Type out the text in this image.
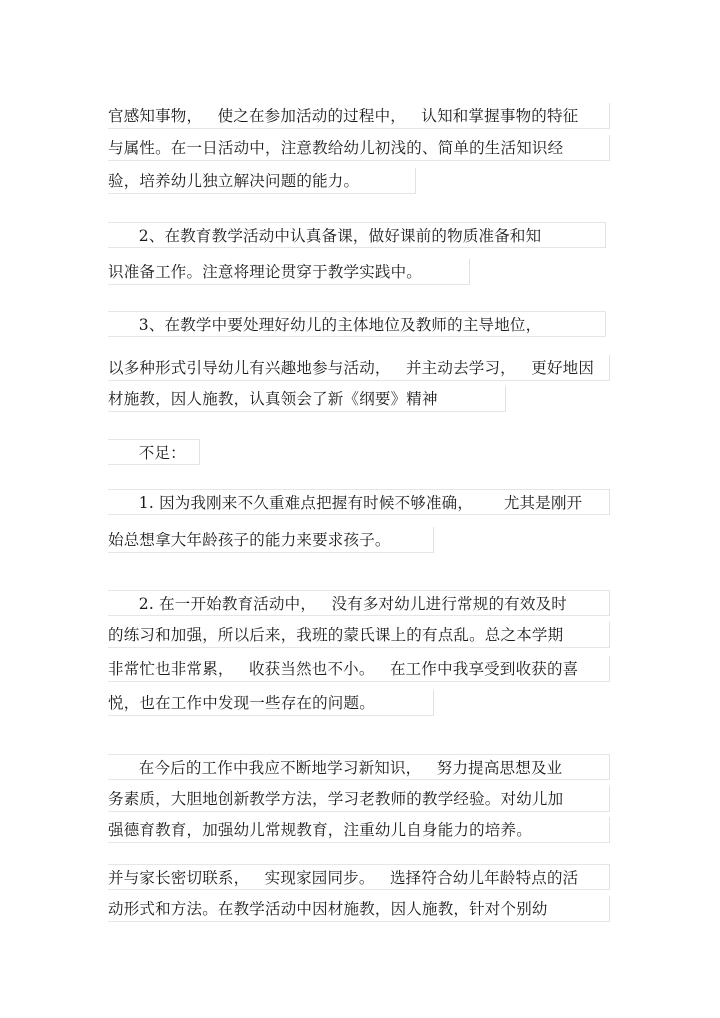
官感知事物，   使之在参加活动的过程中，   认知和掌握事物的特征
与属性。在一日活动中，注意教给幼儿初浅的、简单的生活知识经
验，培养幼儿独立解决问题的能力。
2、在教育教学活动中认真备课，做好课前的物质准备和知
识准备工作。注意将理论贯穿于教学实践中。
3、在教学中要处理好幼儿的主体地位及教师的主导地位，
以多种形式引导幼儿有兴趣地参与活动，   并主动去学习，   更好地因
材施教，因人施教，认真领会了新《纲要》精神
不足：
1. 因为我刚来不久重难点把握有时候不够准确，      尤其是刚开
始总想拿大年龄孩子的能力来要求孩子。
2. 在一开始教育活动中，   没有多对幼儿进行常规的有效及时
的练习和加强，所以后来，我班的蒙氏课上的有点乱。总之本学期
非常忙也非常累，   收获当然也不小。   在工作中我享受到收获的喜
悦，也在工作中发现一些存在的问题。
在今后的工作中我应不断地学习新知识，   努力提高思想及业
务素质，大胆地创新教学方法，学习老教师的教学经验。对幼儿加
强德育教育，加强幼儿常规教育，注重幼儿自身能力的培养。
并与家长密切联系，   实现家园同步。   选择符合幼儿年龄特点的活
动形式和方法。在教学活动中因材施教，因人施教，针对个别幼
